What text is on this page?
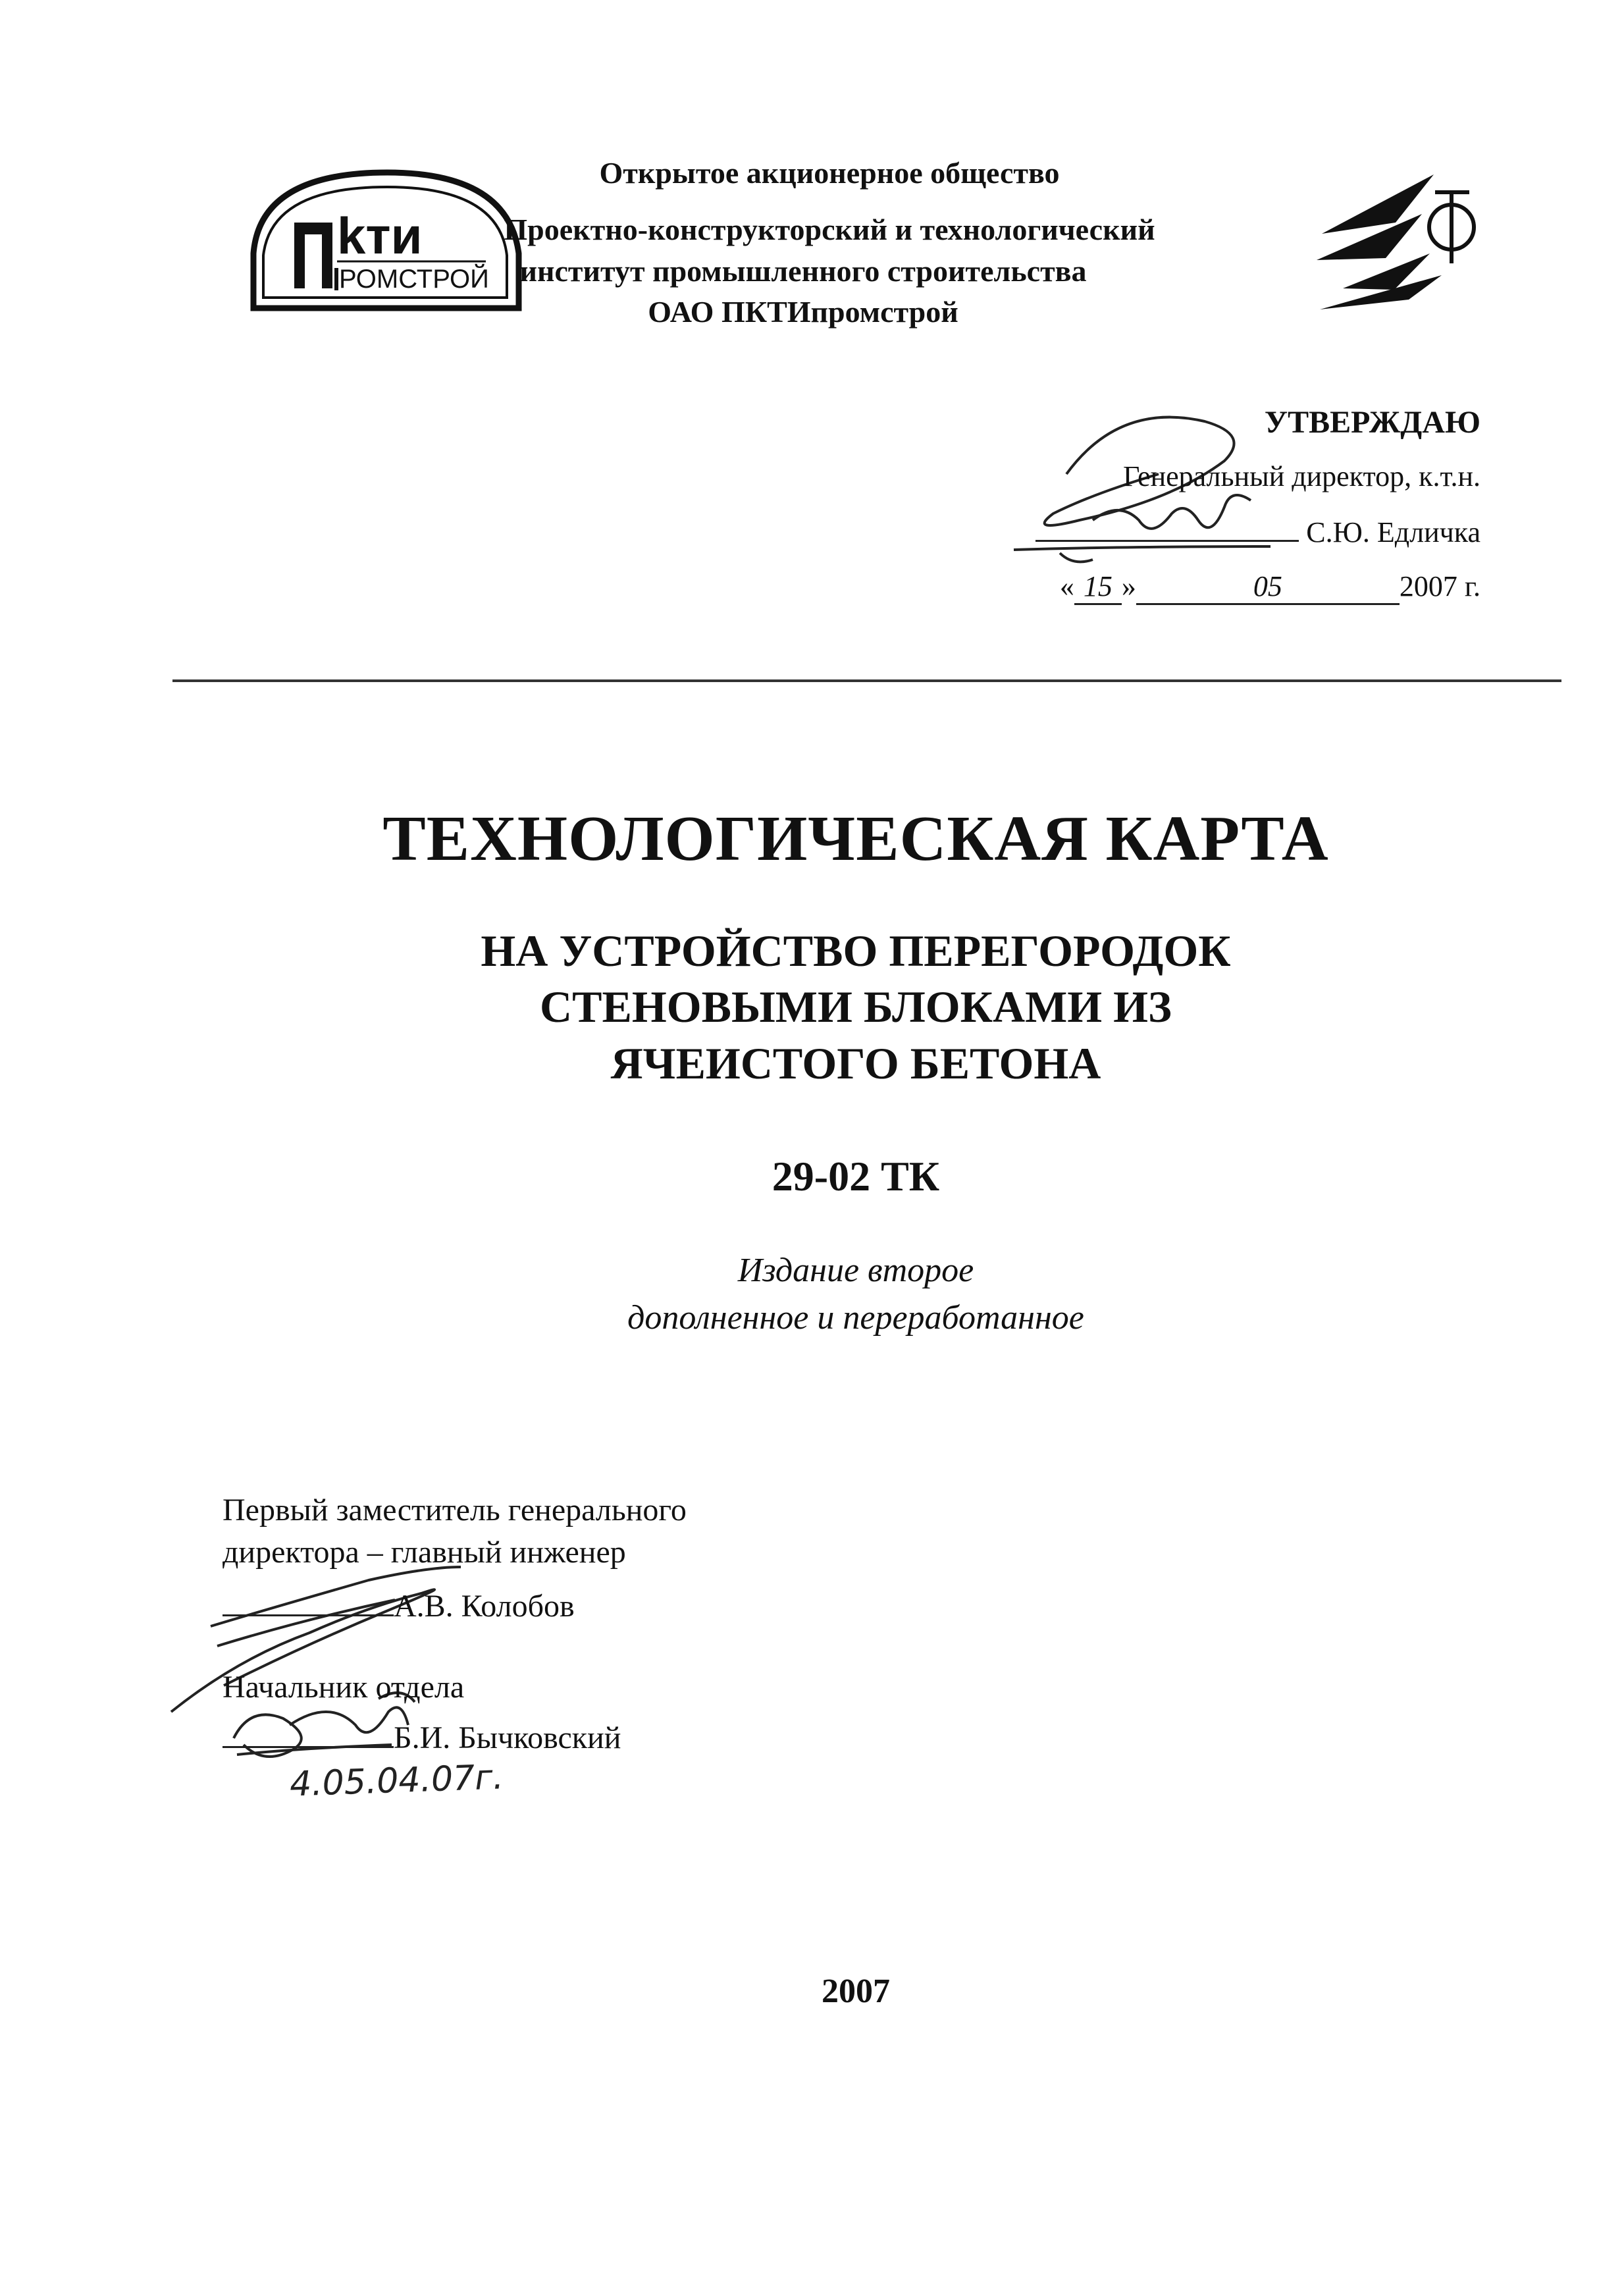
Открытое акционерное общество
Проектно-конструкторский и технологический
институт промышленного строительства
ОАО ПКТИпромстрой
kти
РОМСТРОЙ
УТВЕРЖДАЮ
Генеральный директор, к.т.н.
С.Ю. Едличка
« 15 »	05	2007 г.
ТЕХНОЛОГИЧЕСКАЯ КАРТА
НА УСТРОЙСТВО ПЕРЕГОРОДОК
СТЕНОВЫМИ БЛОКАМИ ИЗ
ЯЧЕИСТОГО БЕТОНА
29-02 ТК
Издание второе
дополненное и переработанное
Первый заместитель генерального
директора – главный инженер
А.В. Колобов
Начальник отдела
Б.И. Бычковский
4.05.04.07г.
2007
